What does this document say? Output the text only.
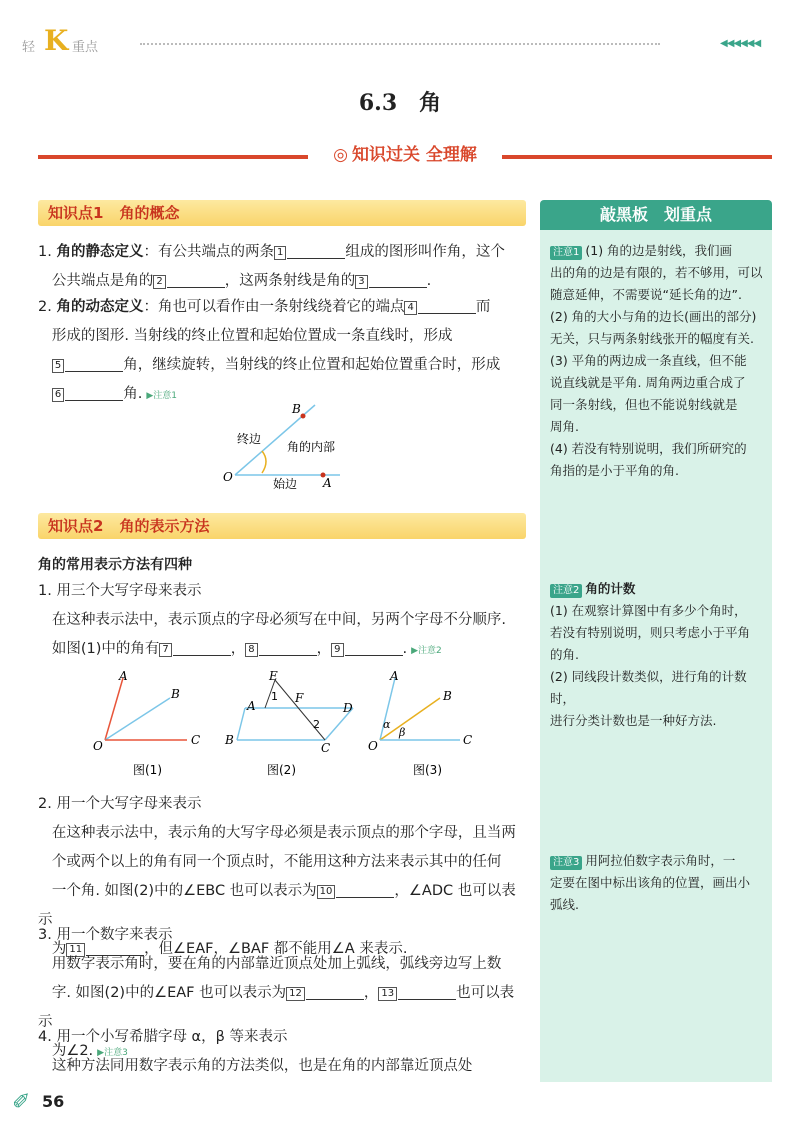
轻 K 重点	◀◀◀◀◀◀
6.3　角
◎ 知识过关 全理解
知识点1 角的概念
1. 角的静态定义：有公共端点的两条 1	组成的图形叫作角，这个
公共端点是角的 2	，这两条射线是角的 3	.
2. 角的动态定义：角也可以看作由一条射线绕着它的端点 4	而
形成的图形. 当射线的终止位置和起始位置成一条直线时，形成
5	角，继续旋转，当射线的终止位置和起始位置重合时，形成
6	角. ▶注意1
B
O	A
终边
角的内部
始边
知识点2 角的表示方法
角的常用表示方法有四种
1. 用三个大写字母来表示
在这种表示法中，表示顶点的字母必须写在中间，另两个字母不分顺序.
如图(1)中的角有 7	， 8	， 9	. ▶注意2
A
B
O	C
图(1)
E
A
F
D
B
C
1
2
图(2)
A
B
O	C
α
β
图(3)
2. 用一个大写字母来表示
在这种表示法中，表示角的大写字母必须是表示顶点的那个字母，且当两
个或两个以上的角有同一个顶点时，不能用这种方法来表示其中的任何
一个角. 如图(2)中的∠EBC 也可以表示为 10	，∠ADC 也可以表示
为 11	，但∠EAF，∠BAF 都不能用∠A 来表示.
3. 用一个数字来表示
用数字表示角时，要在角的内部靠近顶点处加上弧线，弧线旁边写上数
字. 如图(2)中的∠EAF 也可以表示为 12	， 13	也可以表示
为∠2. ▶注意3
4. 用一个小写希腊字母 α，β 等来表示
这种方法同用数字表示角的方法类似，也是在角的内部靠近顶点处
敲黑板　划重点
注意1 (1) 角的边是射线，我们画
出的角的边是有限的，若不够用，可以
随意延伸，不需要说“延长角的边”.
(2) 角的大小与角的边长(画出的部分)
无关，只与两条射线张开的幅度有关.
(3) 平角的两边成一条直线，但不能
说直线就是平角. 周角两边重合成了
同一条射线，但也不能说射线就是
周角.
(4) 若没有特别说明，我们所研究的
角指的是小于平角的角.
注意2 角的计数
(1) 在观察计算图中有多少个角时，
若没有特别说明，则只考虑小于平角
的角.
(2) 同线段计数类似，进行角的计数时，
进行分类计数也是一种好方法.
注意3 用阿拉伯数字表示角时，一
定要在图中标出该角的位置，画出小
弧线.
✐ 56
